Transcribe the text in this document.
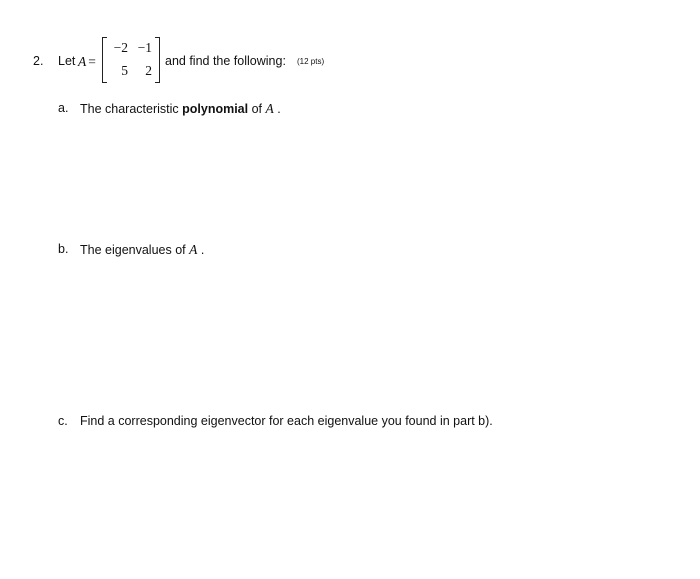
2. Let A =
−2 −1
5	2
and find the following: (12 pts)
a. The characteristic polynomial of A .
b. The eigenvalues of A .
c. Find a corresponding eigenvector for each eigenvalue you found in part b).
